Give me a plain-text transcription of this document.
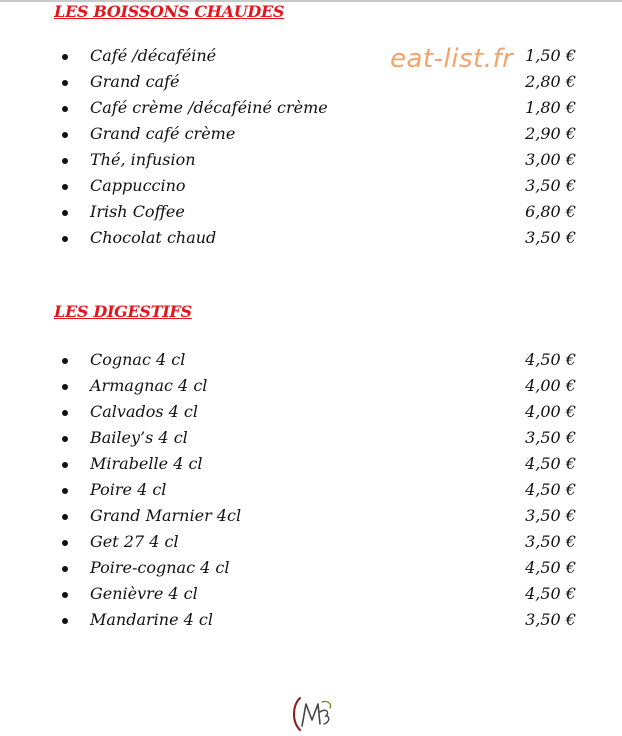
LES BOISSONS CHAUDES
Café /décaféiné	1,50 €
Grand café	2,80 €
Café crème /décaféiné crème	1,80 €
Grand café crème	2,90 €
Thé, infusion	3,00 €
Cappuccino	3,50 €
Irish Coffee	6,80 €
Chocolat chaud	3,50 €
eat-list.fr
LES DIGESTIFS
Cognac 4 cl	4,50 €
Armagnac 4 cl	4,00 €
Calvados 4 cl	4,00 €
Bailey’s 4 cl	3,50 €
Mirabelle 4 cl	4,50 €
Poire 4 cl	4,50 €
Grand Marnier 4cl	3,50 €
Get 27 4 cl	3,50 €
Poire-cognac 4 cl	4,50 €
Genièvre 4 cl	4,50 €
Mandarine 4 cl	3,50 €
